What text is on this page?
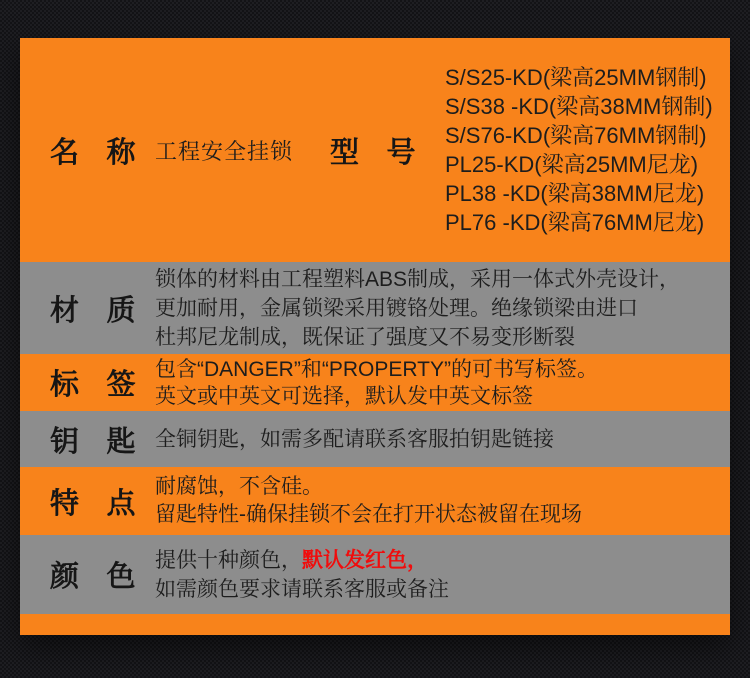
名称
工程安全挂锁	型号
S/S25-KD(梁高25MM钢制)
S/S38 -KD(梁高38MM钢制)
S/S76-KD(梁高76MM钢制)
PL25-KD(梁高25MM尼龙)
PL38 -KD(梁高38MM尼龙)
PL76 -KD(梁高76MM尼龙)
材质
锁体的材料由工程塑料ABS制成，采用一体式外壳设计，
更加耐用，金属锁梁采用镀铬处理。绝缘锁梁由进口
杜邦尼龙制成，既保证了强度又不易变形断裂
标签
包含“DANGER”和“PROPERTY”的可书写标签。
英文或中英文可选择，默认发中英文标签
钥匙
全铜钥匙，如需多配请联系客服拍钥匙链接
特点
耐腐蚀，不含硅。
留匙特性-确保挂锁不会在打开状态被留在现场
颜色
提供十种颜色，默认发红色，
如需颜色要求请联系客服或备注
